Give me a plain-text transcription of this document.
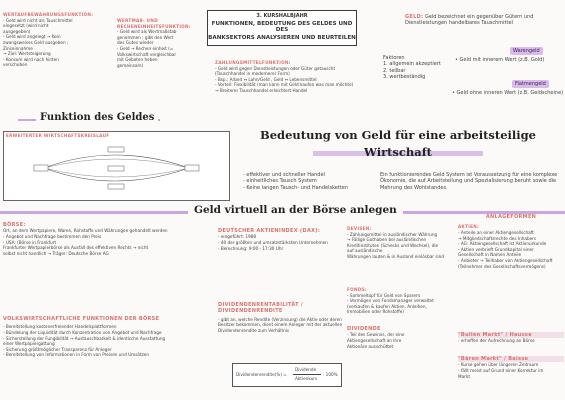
3. KURSHALBJAHR
FUNKTIONEN, BEDEUTUNG DES GELDES UND DES
BANKSEKTORS ANALYSIEREN UND BEURTEILEN
WERTAUFBEWAHRUNGSFUNKTION:
- Geld wird nicht als Tauschmittel
eingesetzt (wird nicht
ausgegeben)
- Geld wird angelegt → Kein
zwangsweises Geld ausgeben ;
Zinseinnahme
→ Ziel: Wertsteigerung
- Konsum wird nach hinten
verschoben
WERTMAß- UND RECHENEINHEITSFUNKTION:
- Geld wird als Wertmaßstab
genommen ; gibt den Wert
des Gutes wieder
- Geld → Rechen einheit (=
Volkswirtschaft vergleichbar
mit Geboten heben
gemeinsam)
ZAHLUNGSMITTELFUNKTION:
- Geld wird gegen Dienstleistungen oder Güter getauscht
(Tauschhandel in modernerer Form)
- Bsp.: Arbeit ↔ Lohn/Geld , Geld ↔ Lebensmittel
- Vorteil: Flexibilität (man kann mit Geld kaufen was man möchte)
→ Breiterer Tauschhandel erleichtert Handel
GELD: Geld bezeichnet ein gegenüber Gütern und Dienstleistungen handelbares Tauschmittel
Warengeld
• Geld mit innerem Wert (z.B. Gold)
Fiatmengeld
• Geld ohne inneren Wert (z.B. Geldscheine)
Faktoren
1. allgemein akzeptiert
2. teilbar
3. wertbeständig
Funktion des Geldes
ERWEITERTER WIRTSCHAFTSKREISLAUF	Bedeutung von Geld für eine arbeitsteilige
Wirtschaft
- effektiver und schneller Handel
- einheitliches Tausch System
- Keine langen Tausch- und Handelsketten
Ein funktionierendes Geld System ist Voraussetzung für eine komplexe Ökonomie, die auf Arbeitsteilung und Spezialisierung beruht sowie die Mehrung des Wohlstandes.
Geld virtuell an der Börse anlegen
BÖRSE:
Ort, an dem Wertpapiere, Waren, Rohstoffe und Währungen gehandelt werden
- Angebot und Nachfrage bestimmen den Preis
- USA: (Börse in Frankfurt
Frankfurter Wertpapierbörse als Ausfall des effektiven Rechts → nicht
selbst nicht handlich → Träger: Deutsche Börse AG
VOLKSWIRTSCHAFTLICHE FUNKTIONEN DER BÖRSE
- Bereitstellung kostenerfreiender Handelsplattformen
- Bündelung der Liquidität durch Konzentration von Angebot und Nachfrage
- Sicherstellung der Fungibilität → Austauschbarkeit & identische Ausstattung
einer Wertpapiergattung
- Sicherung größtmöglicher Transparenz für Anleger
- Bereitstellung von Informationen in Form von Preisen und Umsätzen
DEUTSCHER AKTIENINDEX (DAX):
- eingeführt: 1988
- 40 der größten und umsatzstärksten Unternehmen
- Berechnung: 9:00 - 17:30 Uhr
DIVIDENDENRENTABILITÄT /
DIVIDENDENRENDITE
- gibt an, welche Rendite (Verzinsung) die Aktie oder deren
Besitzer bekommen, dient einem Anleger mit der aktuellen
Dividendenrendite zum Verhältnis
Dividendenrendite(%) =
Dividende
Aktienkurs
· 100%
DEVISEN:
- Zahlungsmittel in ausländischer Währung
→ Fällige Guthaben bei ausländischen
Kreditinstituten (Schecks und Wechsel), die
auf ausländische
Währungen lauten & in Ausland einlösbar sind
FONDS:
- Sammeltopf für Geld von Sparern
- Vermögen von Fondsmanager verwaltet
(verkaufen & kaufen Aktien, Anleihen,
Immobilien oder Rohstoffe)
DIVIDENDE
- Teil des Gewinns, der eine
Aktiengesellschaft an ihre
Aktionäre ausschüttet
ANLAGEFORMEN
AKTIEN:
- Anteile an einer Aktiengesellschaft
→ Mitgliedschaftsrechte des Inhabers
- AG: Aktiengesellschaft ist Aktienurkunde
- Aktien verbrieft Grundkapital einer
Gesellschaft in Namen Anteile
- Anbieter → Teilhaber von Aktiengesellschaft
(Teilnehmer des Gesellschaftsvermögens)
"Bullen Markt" / Hausse
- erhoffen der Aufrechnung an Börse
"Bären Markt" / Baisse
- Kurse gehen über längeren Zeitraum
- fällt meist auf Grund einer Korrektur im
Markt
